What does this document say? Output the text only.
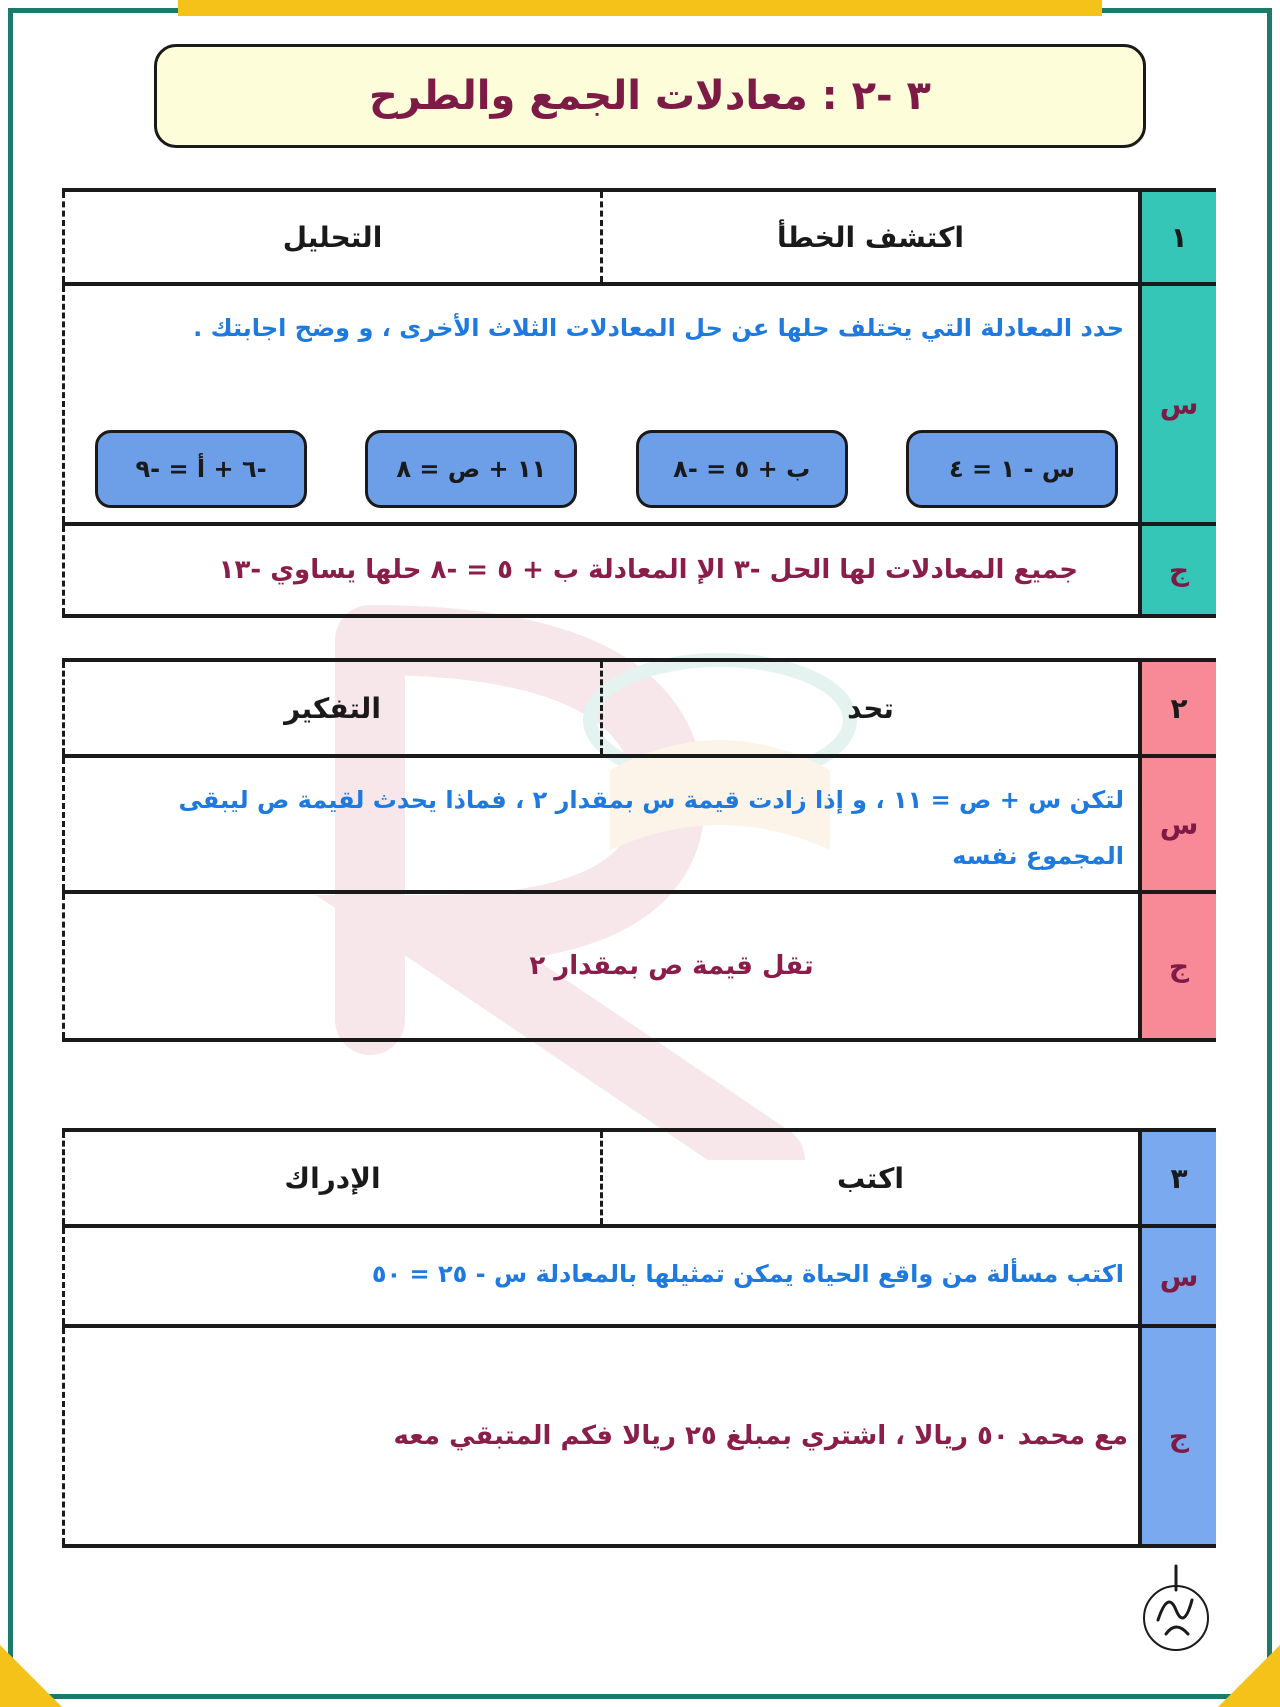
٣ -٢ : معادلات الجمع والطرح
١
اكتشف الخطأ
التحليل
س
حدد المعادلة التي يختلف حلها عن حل المعادلات الثلاث الأخرى ، و وضح اجابتك .
س - ١ = ٤
ب + ٥ = -٨
١١ + ص = ٨
-٦ + أ = -٩
ج
جميع المعادلات لها الحل -٣ الإ المعادلة ب + ٥ = -٨ حلها يساوي -١٣
٢
تحد
التفكير
س
لتكن س + ص = ١١ ، و إذا زادت قيمة س بمقدار ٢ ، فماذا يحدث لقيمة ص ليبقى المجموع نفسه
ج
تقل قيمة ص بمقدار ٢
٣
اكتب
الإدراك
س
اكتب مسألة من واقع الحياة يمكن تمثيلها بالمعادلة س - ٢٥ = ٥٠
ج
مع محمد ٥٠ ريالا ، اشتري بمبلغ ٢٥ ريالا فكم المتبقي معه
